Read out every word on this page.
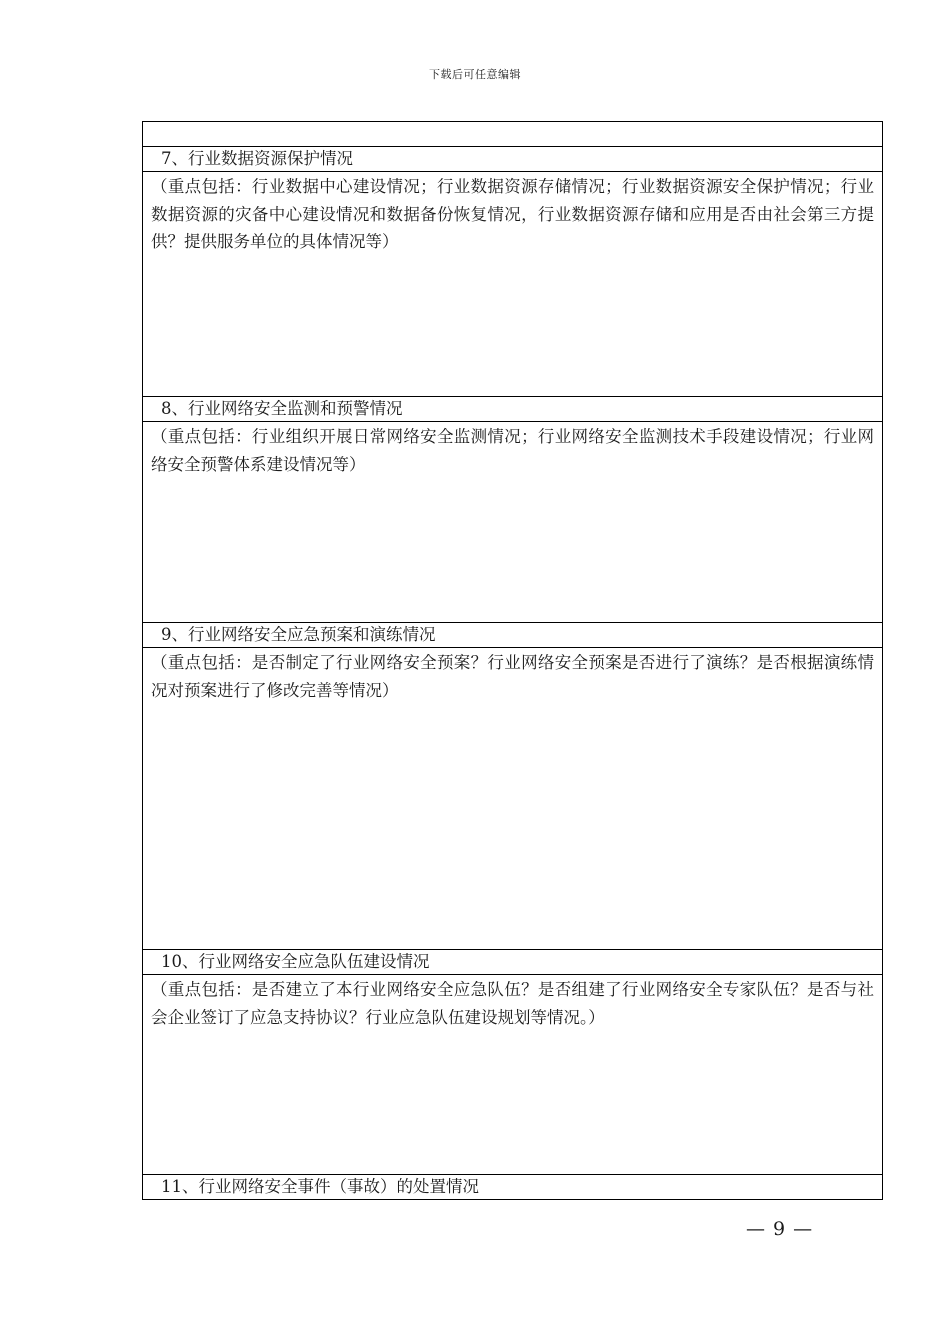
下载后可任意编辑

7、行业数据资源保护情况
（重点包括：行业数据中心建设情况；行业数据资源存储情况；行业数据资源安全保护情况；行业数据资源的灾备中心建设情况和数据备份恢复情况，行业数据资源存储和应用是否由社会第三方提供？提供服务单位的具体情况等）
8、行业网络安全监测和预警情况
（重点包括：行业组织开展日常网络安全监测情况；行业网络安全监测技术手段建设情况；行业网络安全预警体系建设情况等）
9、行业网络安全应急预案和演练情况
（重点包括：是否制定了行业网络安全预案？行业网络安全预案是否进行了演练？是否根据演练情况对预案进行了修改完善等情况）
10、行业网络安全应急队伍建设情况
（重点包括：是否建立了本行业网络安全应急队伍？是否组建了行业网络安全专家队伍？是否与社会企业签订了应急支持协议？行业应急队伍建设规划等情况。）
11、行业网络安全事件（事故）的处置情况
— 9 —
